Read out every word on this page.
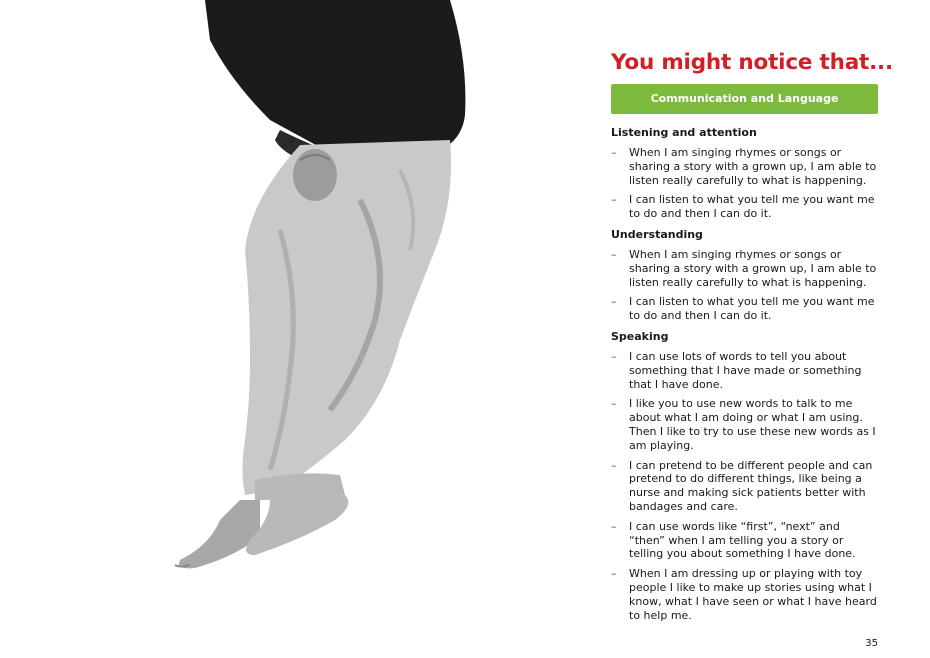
You might notice that...
Communication and Language
Listening and attention
– When I am singing rhymes or songs or sharing a story with a grown up, I am able to listen really carefully to what is happening.
– I can listen to what you tell me you want me to do and then I can do it.
Understanding
– When I am singing rhymes or songs or sharing a story with a grown up, I am able to listen really carefully to what is happening.
– I can listen to what you tell me you want me to do and then I can do it.
Speaking
– I can use lots of words to tell you about something that I have made or something that I have done.
– I like you to use new words to talk to me about what I am doing or what I am using. Then I like to try to use these new words as I am playing.
– I can pretend to be different people and can pretend to do different things, like being a nurse and making sick patients better with bandages and care.
– I can use words like “first”, “next” and “then” when I am telling you a story or telling you about something I have done.
– When I am dressing up or playing with toy people I like to make up stories using what I know, what I have seen or what I have heard to help me.
35
